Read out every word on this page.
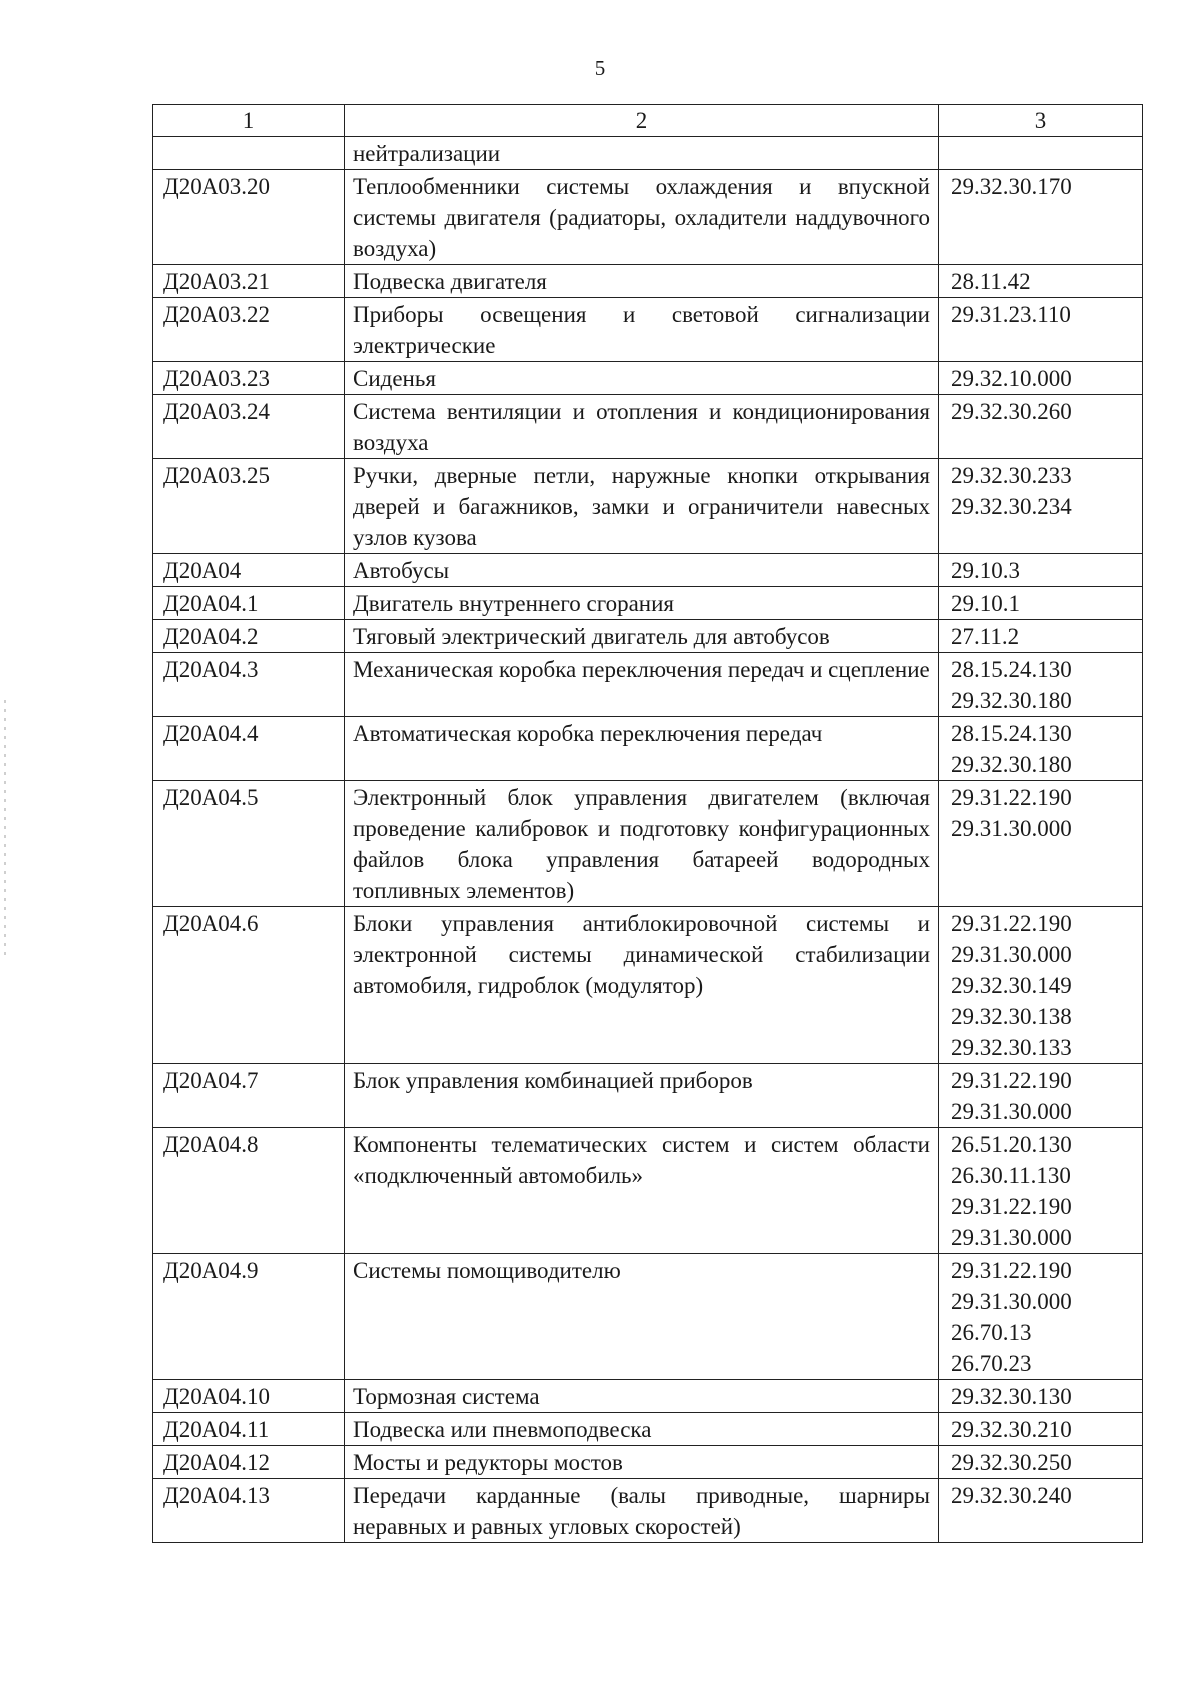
5
1	2	3
	нейтрализации	

Д20А03.20	Теплообменники системы охлаждения и впускной системы двигателя (радиаторы, охладители наддувочного воздуха)	29.32.30.170

Д20А03.21	Подвеска двигателя	28.11.42

Д20А03.22	Приборы освещения и световой сигнализации электрические	29.31.23.110

Д20А03.23	Сиденья	29.32.10.000

Д20А03.24	Система вентиляции и отопления и кондиционирования воздуха	29.32.30.260

Д20А03.25	Ручки, дверные петли, наружные кнопки открывания дверей и багажников, замки и ограничители навесных узлов кузова	29.32.30.233
29.32.30.234

Д20А04	Автобусы	29.10.3

Д20А04.1	Двигатель внутреннего сгорания	29.10.1

Д20А04.2	Тяговый электрический двигатель для автобусов	27.11.2

Д20А04.3	Механическая коробка переключения передач и сцепление	28.15.24.130
29.32.30.180

Д20А04.4	Автоматическая коробка переключения передач	28.15.24.130
29.32.30.180

Д20А04.5	Электронный блок управления двигателем (включая проведение калибровок и подготовку конфигурационных файлов блока управления батареей водородных топливных элементов)	29.31.22.190
29.31.30.000

Д20А04.6	Блоки управления антиблокировочной системы и электронной системы динамической стабилизации автомобиля, гидроблок (модулятор)	29.31.22.190
29.31.30.000
29.32.30.149
29.32.30.138
29.32.30.133

Д20А04.7	Блок управления комбинацией приборов	29.31.22.190
29.31.30.000

Д20А04.8	Компоненты телематических систем и систем области «подключенный автомобиль»	26.51.20.130
26.30.11.130
29.31.22.190
29.31.30.000

Д20А04.9	Системы помощиводителю	29.31.22.190
29.31.30.000
26.70.13
26.70.23

Д20А04.10	Тормозная система	29.32.30.130

Д20А04.11	Подвеска или пневмоподвеска	29.32.30.210

Д20А04.12	Мосты и редукторы мостов	29.32.30.250

Д20А04.13	Передачи карданные (валы приводные, шарниры неравных и равных угловых скоростей)	29.32.30.240
